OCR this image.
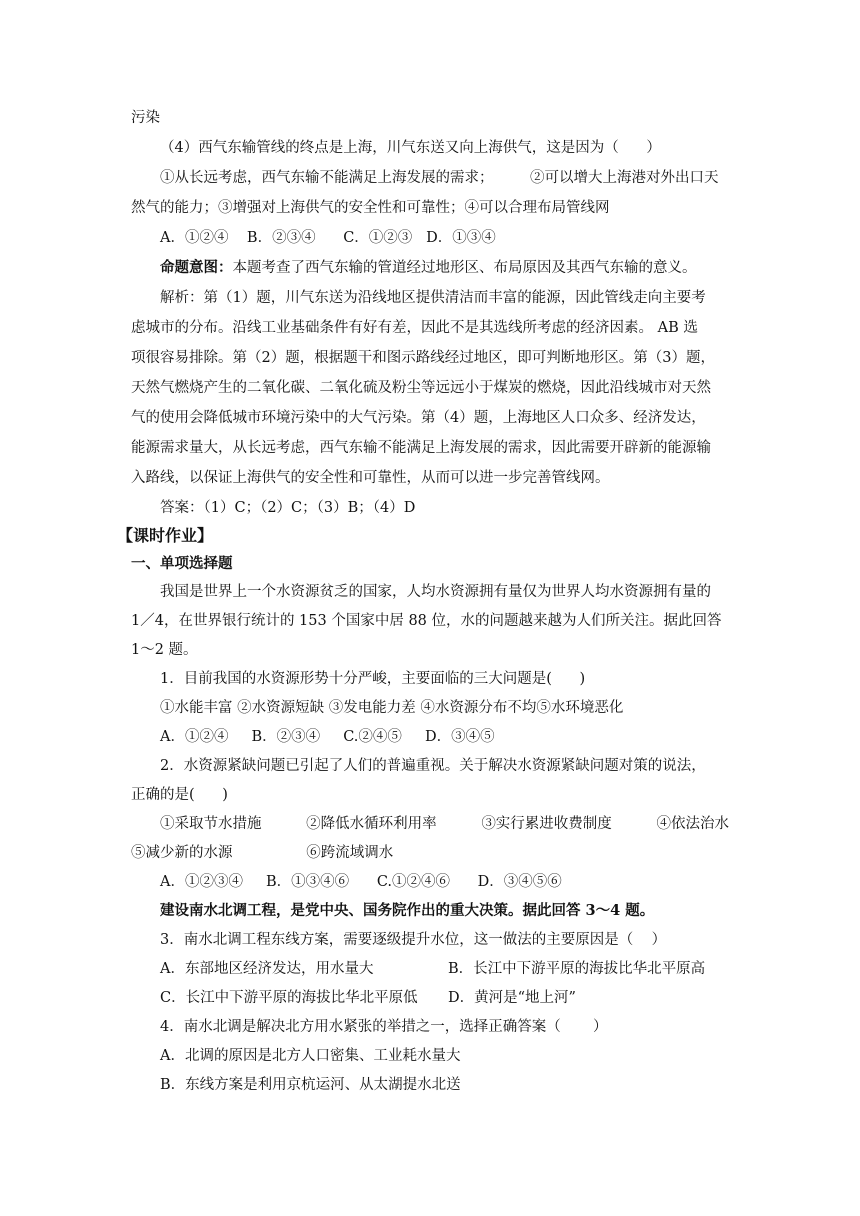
污染
（4）西气东输管线的终点是上海，川气东送又向上海供气，这是因为（      ）
①从长远考虑，西气东输不能满足上海发展的需求；	②可以增大上海港对外出口天
然气的能力；③增强对上海供气的安全性和可靠性；④可以合理布局管线网
A．①②④    B．②③④      C．①②③   D．①③④
命题意图：本题考查了西气东输的管道经过地形区、布局原因及其西气东输的意义。
解析：第（1）题，川气东送为沿线地区提供清洁而丰富的能源，因此管线走向主要考
虑城市的分布。沿线工业基础条件有好有差，因此不是其选线所考虑的经济因素。 AB 选
项很容易排除。第（2）题，根据题干和图示路线经过地区，即可判断地形区。第（3）题，
天然气燃烧产生的二氧化碳、二氧化硫及粉尘等远远小于煤炭的燃烧，因此沿线城市对天然
气的使用会降低城市环境污染中的大气污染。第（4）题，上海地区人口众多、经济发达，
能源需求量大，从长远考虑，西气东输不能满足上海发展的需求，因此需要开辟新的能源输
入路线，以保证上海供气的安全性和可靠性，从而可以进一步完善管线网。
答案：（1）C；（2）C；（3）B；（4）D
【课时作业】
一、单项选择题
我国是世界上一个水资源贫乏的国家，人均水资源拥有量仅为世界人均水资源拥有量的
1／4，在世界银行统计的 153 个国家中居 88 位，水的问题越来越为人们所关注。据此回答
1～2 题。
1．目前我国的水资源形势十分严峻，主要面临的三大问题是(      )
①水能丰富 ②水资源短缺 ③发电能力差 ④水资源分布不均⑤水环境恶化
A．①②④     B．②③④     C.②④⑤     D．③④⑤
2．水资源紧缺问题已引起了人们的普遍重视。关于解决水资源紧缺问题对策的说法，
正确的是(      )
①采取节水措施	②降低水循环利用率	③实行累进收费制度	④依法治水
⑤减少新的水源                ⑥跨流域调水
A．①②③④     B．①③④⑥      C.①②④⑥      D．③④⑤⑥
建设南水北调工程，是党中央、国务院作出的重大决策。据此回答 3～4 题。
3．南水北调工程东线方案，需要逐级提升水位，这一做法的主要原因是（    ）
A．东部地区经济发达，用水量大	B．长江中下游平原的海拔比华北平原高
C．长江中下游平原的海拔比华北平原低 D．黄河是“地上河”
4．南水北调是解决北方用水紧张的举措之一，选择正确答案（       ）
A．北调的原因是北方人口密集、工业耗水量大
B．东线方案是利用京杭运河、从太湖提水北送
